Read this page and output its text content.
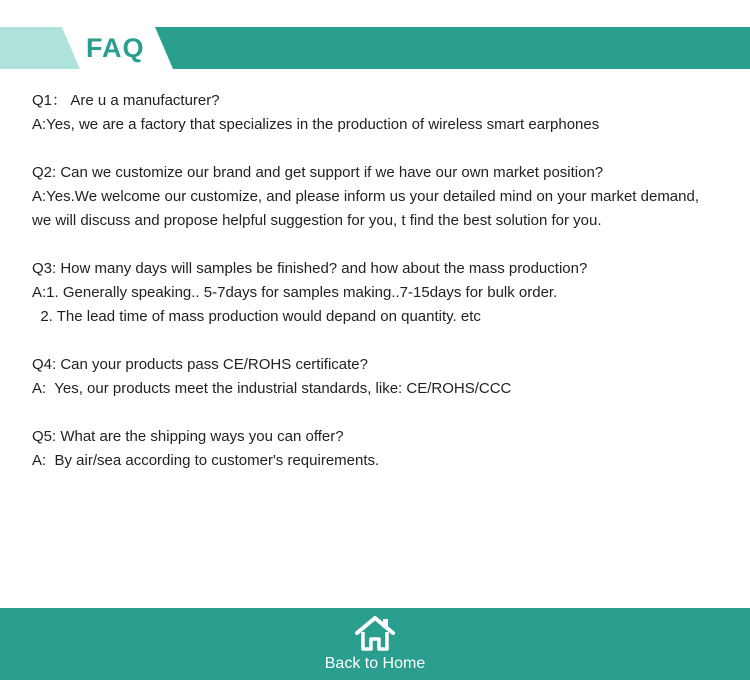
FAQ
Q1： Are u a manufacturer?
A:Yes, we are a factory that specializes in the production of wireless smart earphones
Q2: Can we customize our brand and get support if we have our own market position?
A:Yes.We welcome our customize, and please inform us your detailed mind on your market demand,
we will discuss and propose helpful suggestion for you, t find the best solution for you.
Q3: How many days will samples be finished? and how about the mass production?
A:1. Generally speaking.. 5-7days for samples making..7-15days for bulk order.
2. The lead time of mass production would depand on quantity. etc
Q4: Can your products pass CE/ROHS certificate?
A:  Yes, our products meet the industrial standards, like: CE/ROHS/CCC
Q5: What are the shipping ways you can offer?
A:  By air/sea according to customer's requirements.
Back to Home
